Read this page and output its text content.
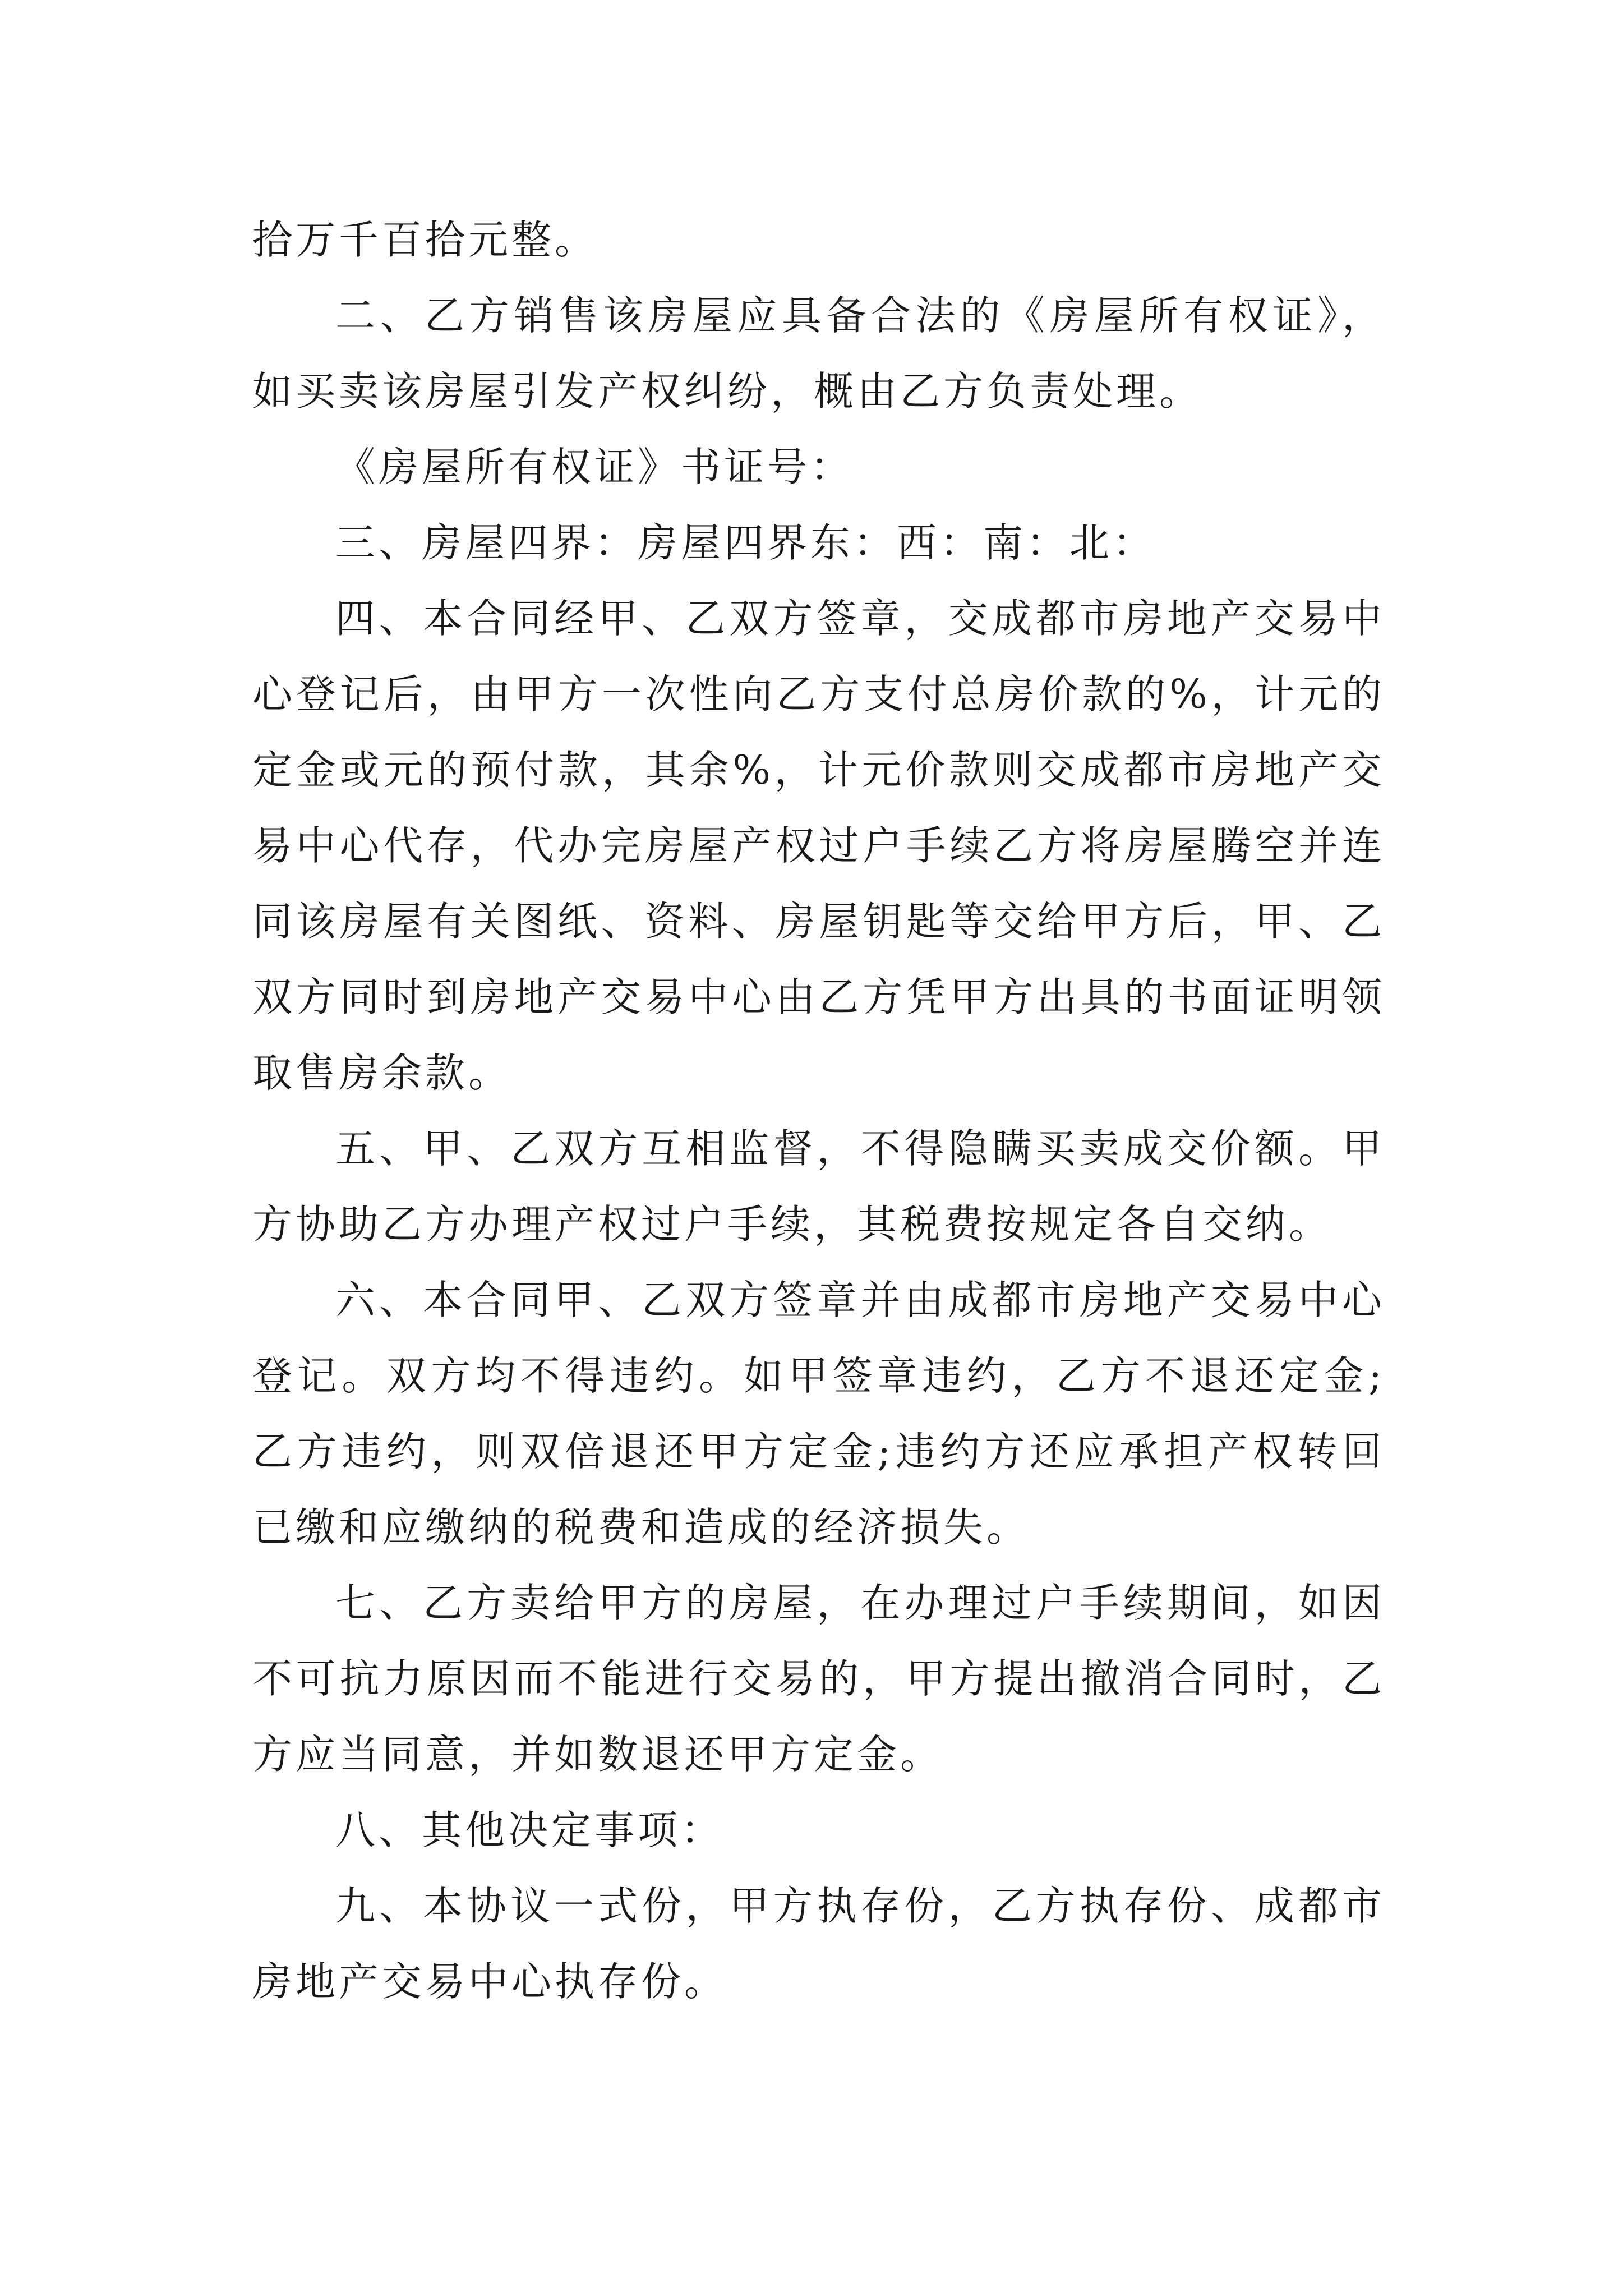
拾万千百拾元整。

二、乙方销售该房屋应具备合法的《房屋所有权证》，如买卖该房屋引发产权纠纷，概由乙方负责处理。

《房屋所有权证》书证号：

三、房屋四界：房屋四界东：西：南：北：

四、本合同经甲、乙双方签章，交成都市房地产交易中心登记后，由甲方一次性向乙方支付总房价款的%，计元的定金或元的预付款，其余%，计元价款则交成都市房地产交易中心代存，代办完房屋产权过户手续乙方将房屋腾空并连同该房屋有关图纸、资料、房屋钥匙等交给甲方后，甲、乙双方同时到房地产交易中心由乙方凭甲方出具的书面证明领取售房余款。

五、甲、乙双方互相监督，不得隐瞒买卖成交价额。甲方协助乙方办理产权过户手续，其税费按规定各自交纳。

六、本合同甲、乙双方签章并由成都市房地产交易中心登记。双方均不得违约。如甲签章违约，乙方不退还定金;乙方违约，则双倍退还甲方定金;违约方还应承担产权转回已缴和应缴纳的税费和造成的经济损失。

七、乙方卖给甲方的房屋，在办理过户手续期间，如因不可抗力原因而不能进行交易的，甲方提出撤消合同时，乙方应当同意，并如数退还甲方定金。

八、其他决定事项：

九、本协议一式份，甲方执存份，乙方执存份、成都市房地产交易中心执存份。
